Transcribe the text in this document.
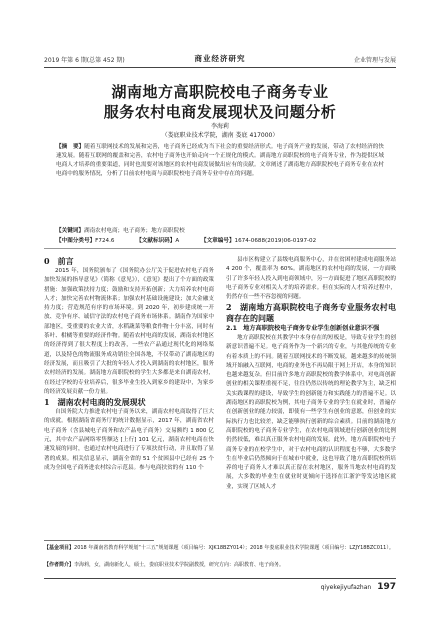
2019 年第 6 期(总第 452 期)	商业经济研究	企业管理与发展
湖南地方高职院校电子商务专业
服务农村电商发展现状及问题分析
李海莉
（娄底职业技术学院，湖南 娄底 417000）
【摘　要】随着互联网技术的发展和完善，电子商务已经成为当下社会的重要经济形式。电子商务产业的发展，带动了农村经济的快速发展。随着互联网的覆盖和完善，农村电子商务也开始走向一个正规化的模式。湖南地方高职院校的电子商务专业，作为提供区域电商人才培养的重要渠道，同时也需要对该地区的农村电商发展做出应有的贡献。文章阐述了湖南地方高职院校电子商务专业在农村电商中的服务情况，分析了目前农村电商与高职院校电子商务专业中存在的问题。
【关键词】湖南农村电商；电子商务；地方高职院校
【中图分类号】F724.6	【文献标识码】A	【文章编号】1674-0688(2019)06-0197-02

0　前言

2015 年，国务院颁布了《国务院办公厅关于促进农村电子商务加快发展的指导意见》（简称《意见》），《意见》提出了个方面的政策措施：加强政策扶持力度；鼓励和支持开拓创新；大力培养农村电商人才；加快完善农村物流体系；加强农村基础设施建设；加大金融支持力度；营造规范有序的市场环境。到 2020 年，初步建成统一开放、竞争有序、诚信守法的农村电子商务市场体系。湖南作为国家中部地区，受重要的农业大省，水稻蔬菜等粮食作物十分丰富，同时有茶叶、柑橘等重要的经济作物。随着农村电商的发展，湖南农村地区的经济得到了很大程度上的改善，一些农产品通过现代化的网络渠道，以及特色的物流服务成功销往全国各地，不仅带动了湖南地区的经济发展，而且吸引了大批的年轻人才投入到湖南的农村地区，服务农村经济的发展。湖南地方高职院校的学生大多都是来自湖南农村，在经过学校的专业培养后，很多毕业生投入到家乡的建设中，为家乡的经济发展贡献一份力量。

1　湖南农村电商的发展现状

自国务院大力推进农村电子商务以来，湖南农村电商取得了巨大的成就。根据湖南省商务厅的统计数据显示，2017 年，湖南省农村电子商务（含县城电子商务和农产品电子商务）交易额约 1 800 亿元，其中农产品网络零售额达 [上行] 101 亿元，湖南农村电商在快速发展的同时，也通过农村电商进行了专项扶贫行动，并且取得了显著的成果。相关信息显示，湖南全省的 51 个贫困县中已经有 25 个成为全国电子商务进农村综合示范县。参与电商扶贫的有 110 个

县市区构建立了县级电商服务中心，并在贫困村建成电商服务站 4 200 个，覆盖率为 60%。湖南地区的农村电商的发展，一方面吸引了许多年轻人投入到电商领域中，另一方面促进了地区高职院校的电子商务专业对相关人才的培养需求。但在实际的人才培养过程中，仍然存在一些不容忽视的问题。

2　湖南地方高职院校电子商务专业服务农村电商存在的问题

2.1　地方高职院校电子商务专业学生创新创业意识不强

地方高职院校在其教学中本身存在的短板是，导致专业学生的创新意识普遍不足。电子商务作为一个新兴的专业，与其他传统的专业有着本质上的不同。随着互联网技术的不断发展，越来越多的传统领域开始融入互联网，电商的业务也不再局限于网上开店，本身的知识也越来越复杂。但目前许多地方高职院校的教学体系中，对电商创新创业的相关课程重视不足，往往仍然以传统的理论教学为主，缺乏相关实践课程的建设，导致学生的创新能力和实践能力的普遍不足。以湖南地区的高职院校为例，其电子商务专业的学生在就业时，普遍存在创新创业的能力较弱，即使有一些学生有创业的意愿，但创业的实际执行力也比较差，缺乏能够执行创新的综合素质。目前的湖南地方高职院校的电子商务专业学生，在农村电商领域进行创新创业的比例仍然较低，难以真正服务农村电商的发展。此外，地方高职院校电子商务专业的在校学生中，对于农村电商的认识程度也不够，大多数学生在毕业后仍然倾向于在城市中就业，这也导致了地方高职院校所培养的电子商务人才难以真正留在农村地区，服务当地农村电商的发展，大多数的毕业生在就业时更倾向于选择在江浙沪等发达地区就业，实现了区域人才

【基金项目】2018 年湖南省教育科学规划“十三五”规划课题（项目编号：XJK18BZY014）；2018 年娄底职业技术学院课题（项目编号：LZJY18BZC011）。
【作者简介】李海莉，女，湖南新化人，硕士，娄底职业技术学院副教授，研究方向：高职教育、电子商务。
qiyekejiyufazhan 197
